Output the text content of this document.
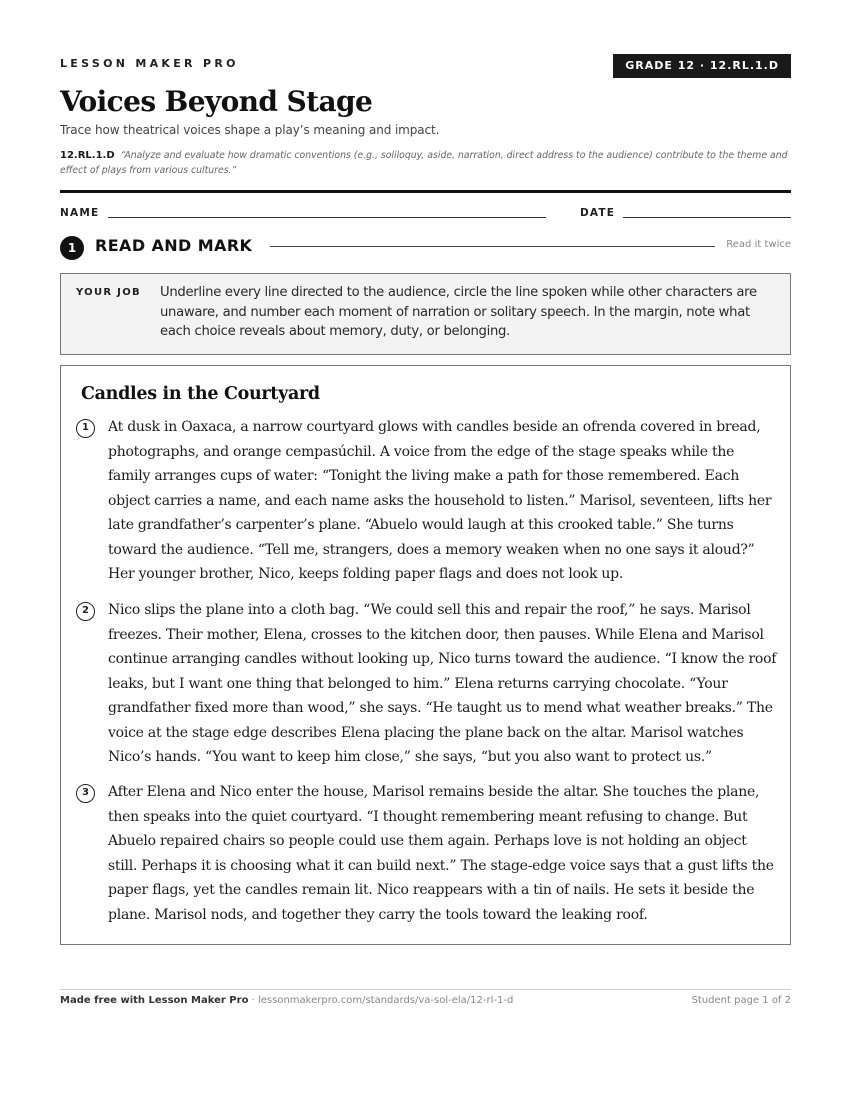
LESSON MAKER PRO	GRADE 12 · 12.RL.1.D
Voices Beyond Stage
Trace how theatrical voices shape a play’s meaning and impact.
12.RL.1.D “Analyze and evaluate how dramatic conventions (e.g., soliloquy, aside, narration, direct address to the audience) contribute to the theme and effect of plays from various cultures.”
NAME	DATE
1	READ AND MARK	Read it twice
YOUR JOB Underline every line directed to the audience, circle the line spoken while other characters are unaware, and number each moment of narration or solitary speech. In the margin, note what each choice reveals about memory, duty, or belonging.
Candles in the Courtyard
1	At dusk in Oaxaca, a narrow courtyard glows with candles beside an ofrenda covered in bread, photographs, and orange cempasúchil. A voice from the edge of the stage speaks while the family arranges cups of water: “Tonight the living make a path for those remembered. Each object carries a name, and each name asks the household to listen.” Marisol, seventeen, lifts her late grandfather’s carpenter’s plane. “Abuelo would laugh at this crooked table.” She turns toward the audience. “Tell me, strangers, does a memory weaken when no one says it aloud?” Her younger brother, Nico, keeps folding paper flags and does not look up.

2	Nico slips the plane into a cloth bag. “We could sell this and repair the roof,” he says. Marisol freezes. Their mother, Elena, crosses to the kitchen door, then pauses. While Elena and Marisol continue arranging candles without looking up, Nico turns toward the audience. “I know the roof leaks, but I want one thing that belonged to him.” Elena returns carrying chocolate. “Your grandfather fixed more than wood,” she says. “He taught us to mend what weather breaks.” The voice at the stage edge describes Elena placing the plane back on the altar. Marisol watches Nico’s hands. “You want to keep him close,” she says, “but you also want to protect us.”

3	After Elena and Nico enter the house, Marisol remains beside the altar. She touches the plane, then speaks into the quiet courtyard. “I thought remembering meant refusing to change. But Abuelo repaired chairs so people could use them again. Perhaps love is not holding an object still. Perhaps it is choosing what it can build next.” The stage-edge voice says that a gust lifts the paper flags, yet the candles remain lit. Nico reappears with a tin of nails. He sets it beside the plane. Marisol nods, and together they carry the tools toward the leaking roof.

Made free with Lesson Maker Pro · lessonmakerpro.com/standards/va-sol-ela/12-rl-1-d	Student page 1 of 2
